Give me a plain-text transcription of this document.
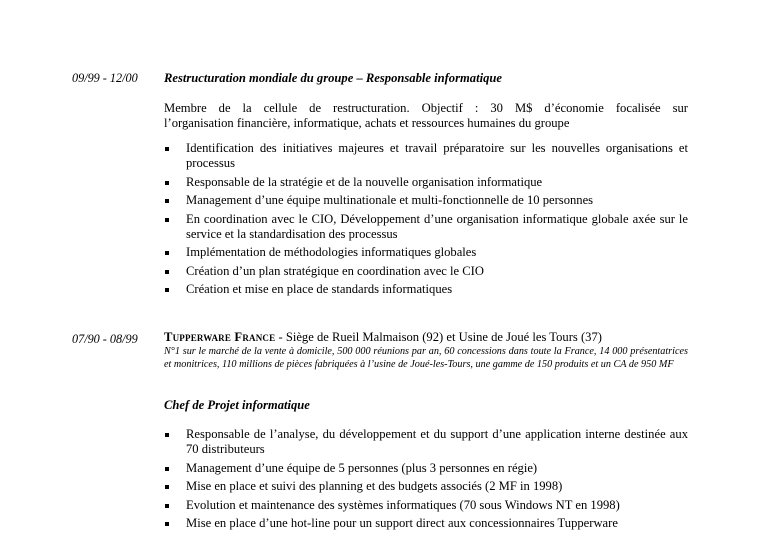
09/99 - 12/00 Restructuration mondiale du groupe – Responsable informatique
Membre de la cellule de restructuration. Objectif : 30 M$ d’économie focalisée sur
l’organisation financière, informatique, achats et ressources humaines du groupe
Identification des initiatives majeures et travail préparatoire sur les nouvelles organisations et processus
Responsable de la stratégie et de la nouvelle organisation informatique
Management d’une équipe multinationale et multi-fonctionnelle de 10 personnes
En coordination avec le CIO, Développement d’une organisation informatique globale axée sur le service et la standardisation des processus
Implémentation de méthodologies informatiques globales
Création d’un plan stratégique en coordination avec le CIO
Création et mise en place de standards informatiques
07/90 - 08/99 Tupperware France - Siège de Rueil Malmaison (92) et Usine de Joué les Tours (37)
N°1 sur le marché de la vente à domicile, 500 000 réunions par an, 60 concessions dans toute la France, 14 000 présentatrices et monitrices, 110 millions de pièces fabriquées à l’usine de Joué-les-Tours, une gamme de 150 produits et un CA de 950 MF
Chef de Projet informatique
Responsable de l’analyse, du développement et du support d’une application interne destinée aux 70 distributeurs
Management d’une équipe de 5 personnes (plus 3 personnes en régie)
Mise en place et suivi des planning et des budgets associés (2 MF in 1998)
Evolution et maintenance des systèmes informatiques (70 sous Windows NT en 1998)
Mise en place d’une hot-line pour un support direct aux concessionnaires Tupperware
